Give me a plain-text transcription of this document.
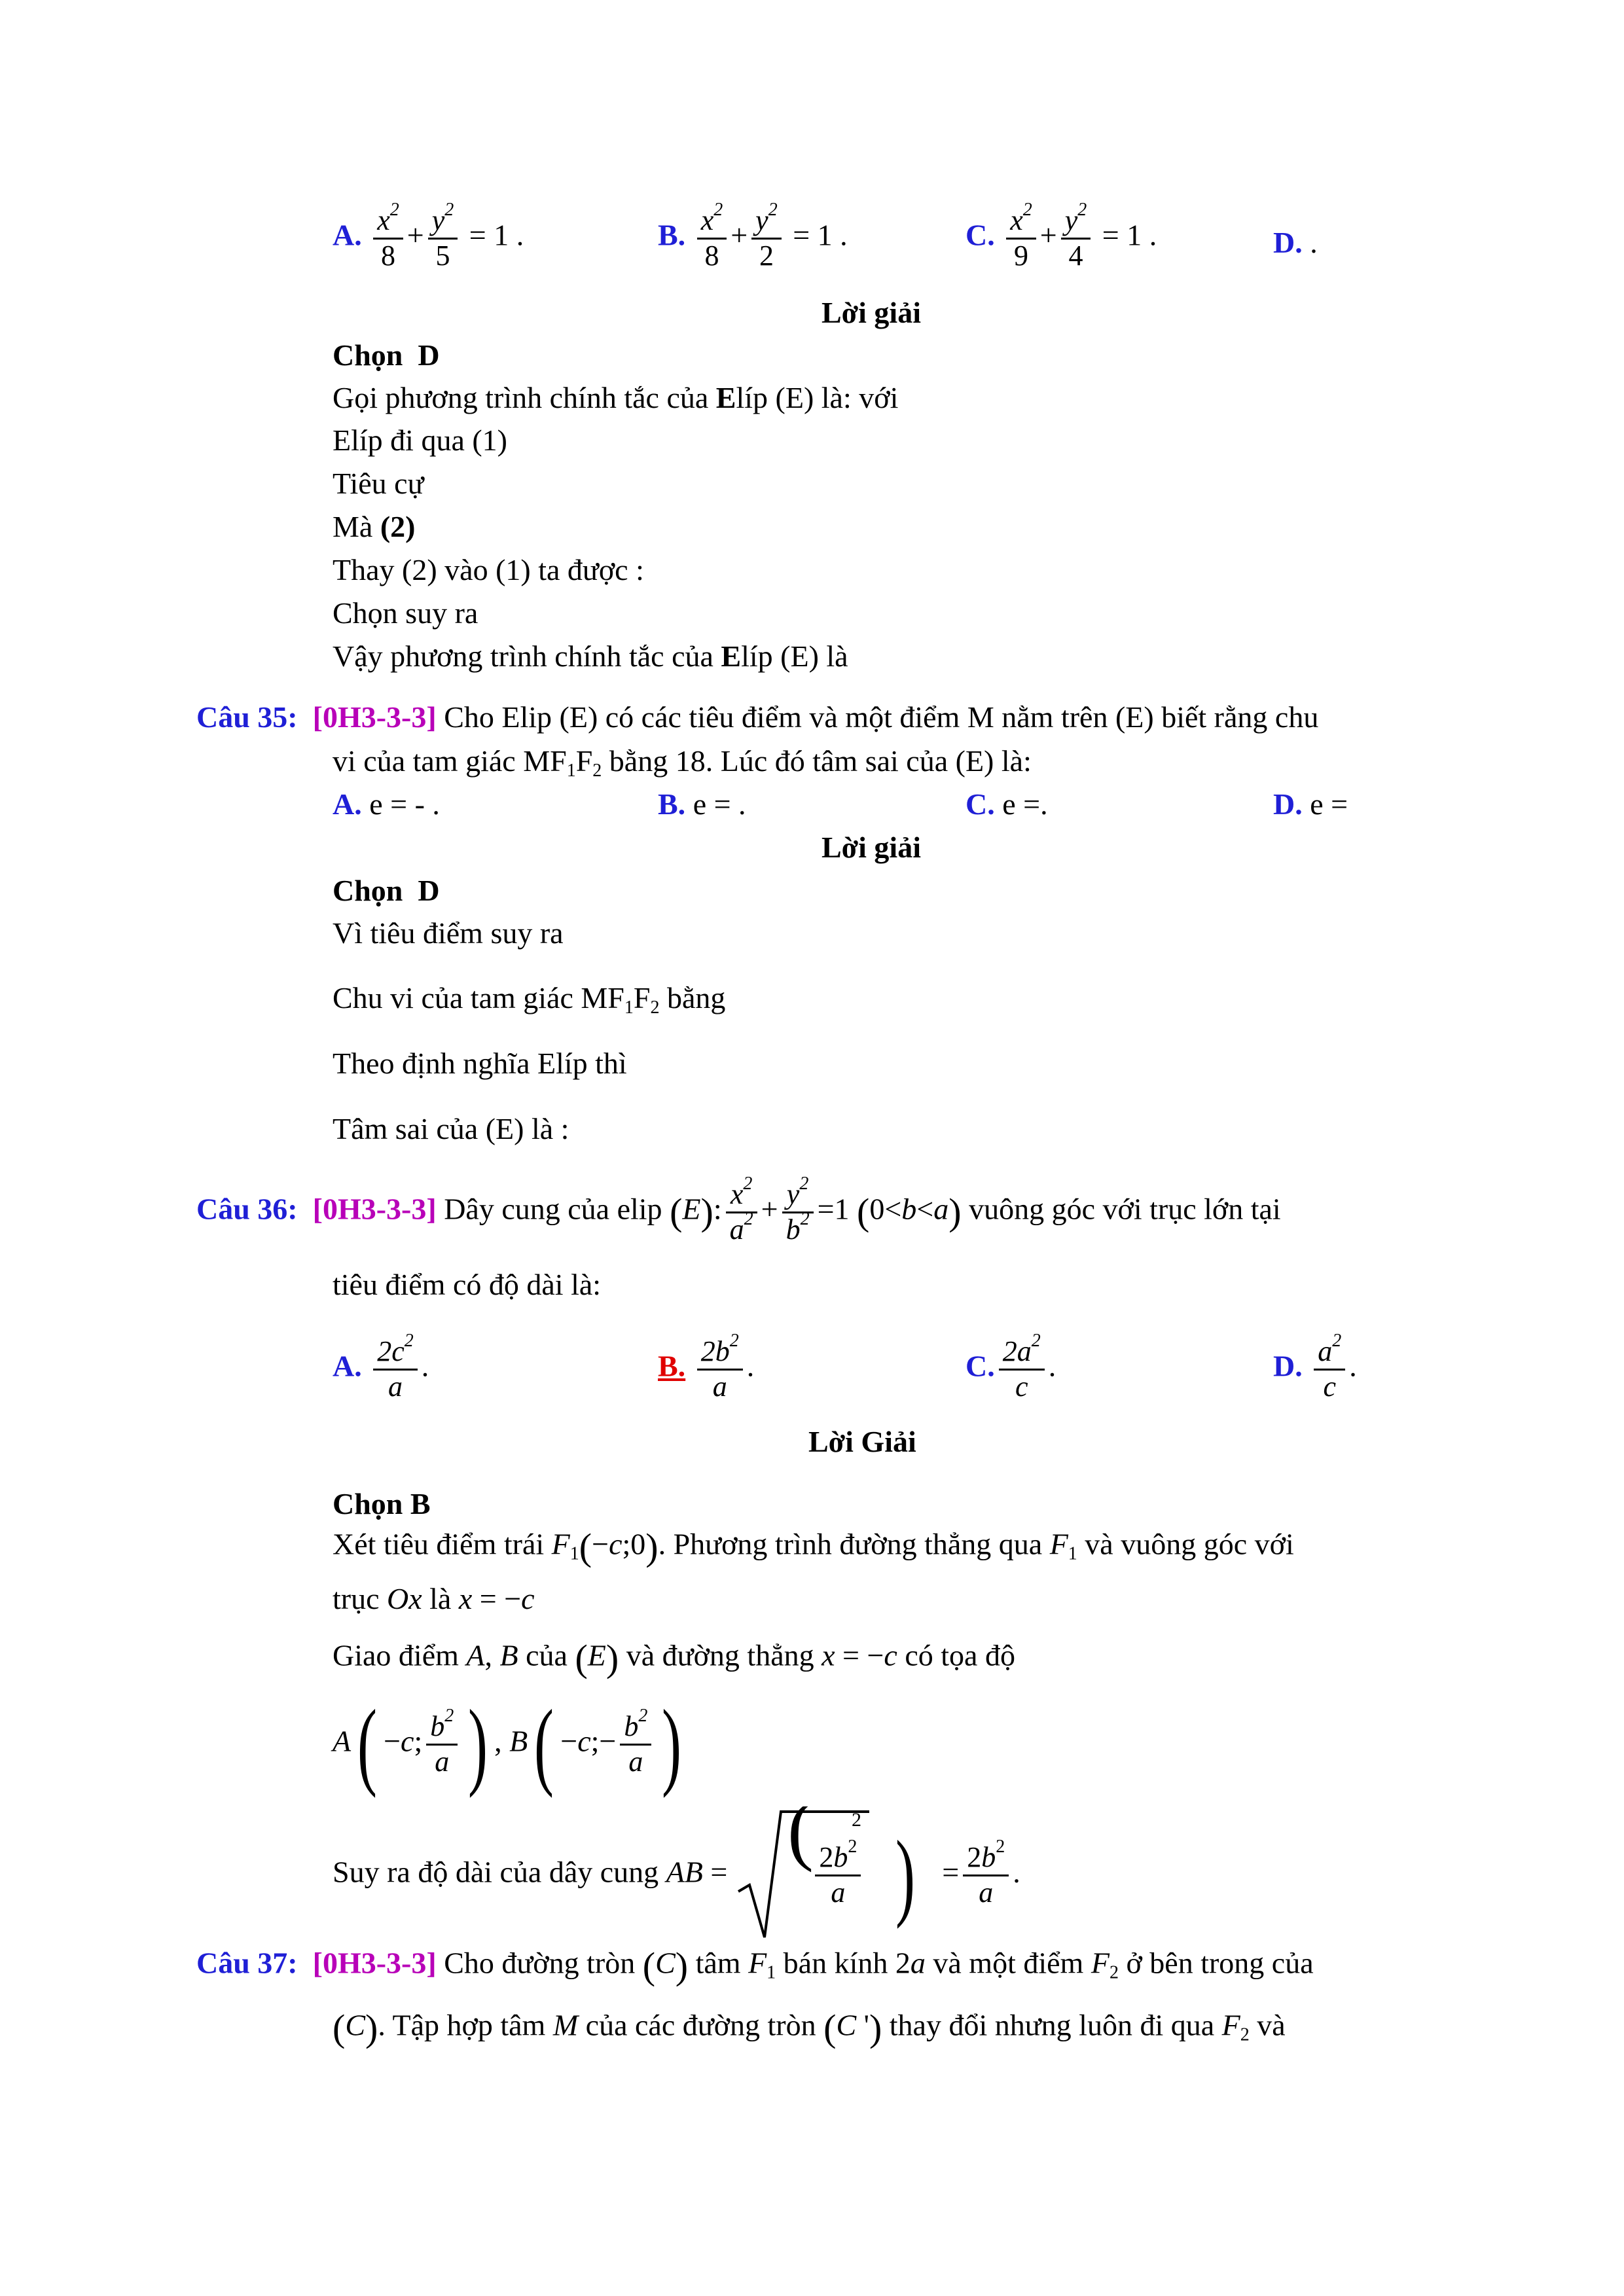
A. $\frac{x^2}{8} + \frac{y^2}{5} = 1$ .	B. $\frac{x^2}{8} + \frac{y^2}{2} = 1$ .	C. $\frac{x^2}{9} + \frac{y^2}{4} = 1$ .	D. .
Lời giải
Chọn D
Gọi phương trình chính tắc của Elíp (E) là: với
Elíp đi qua (1)
Tiêu cự
Mà (2)
Thay (2) vào (1) ta được :
Chọn suy ra
Vậy phương trình chính tắc của Elíp (E) là
Câu 35: [0H3-3-3] Cho Elip (E) có các tiêu điểm và một điểm M nằm trên (E) biết rằng chu
vi của tam giác $MF_1F_2$ bằng 18. Lúc đó tâm sai của (E) là:
A. e = - .	B. e = .	C. e =.	D. e =
Lời giải
Chọn D
Vì tiêu điểm suy ra
Chu vi của tam giác $MF_1F_2$ bằng
Theo định nghĩa Elíp thì
Tâm sai của (E) là :
Câu 36: [0H3-3-3] Dây cung của elip (E): $\frac{x^2}{a^2} + \frac{y^2}{b^2} =1$ (0<b<a) vuông góc với trục lớn tại
tiêu điểm có độ dài là:
A. $\frac{2c^2}{a}$ .	B. $\frac{2b^2}{a}$ .	C. $\frac{2a^2}{c}$ .	D. $\frac{a^2}{c}$ .
Lời Giải
Chọn B
Xét tiêu điểm trái $F_1(-c;0)$. Phương trình đường thẳng qua $F_1$ và vuông góc với
trục Ox là x = −c
Giao điểm A, B của (E) và đường thẳng x = −c có tọa độ
A( −c; $\frac{b^2}{a}$ ) , B( −c;− $\frac{b^2}{a}$ )
Suy ra độ dài của dây cung AB = ( 2

$\frac{2b^2}{a}$ ) = $\frac{2b^2}{a}$ .
Câu 37: [0H3-3-3] Cho đường tròn (C) tâm $F_1$ bán kính 2a và một điểm $F_2$ ở bên trong của
(C). Tập hợp tâm M của các đường tròn (C ') thay đổi nhưng luôn đi qua $F_2$ và
